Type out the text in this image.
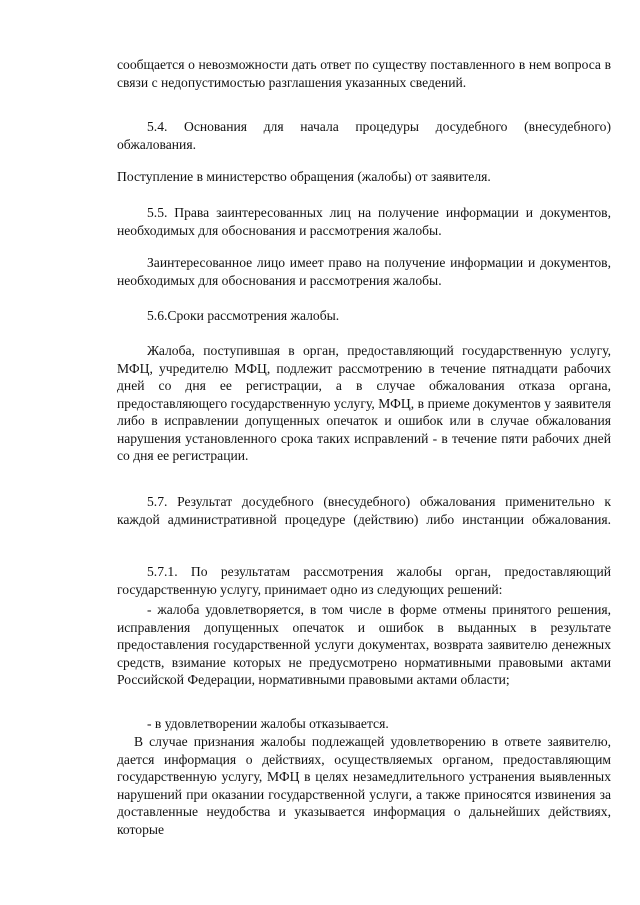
сообщается о невозможности дать ответ по существу поставленного в нем вопроса в связи с недопустимостью разглашения указанных сведений.
5.4. Основания для начала процедуры досудебного (внесудебного) обжалования.
Поступление в министерство обращения (жалобы) от заявителя.
5.5. Права заинтересованных лиц на получение информации и документов, необходимых для обоснования и рассмотрения жалобы.
Заинтересованное лицо имеет право на получение информации и документов, необходимых для обоснования и рассмотрения жалобы.
5.6.Сроки рассмотрения жалобы.
Жалоба, поступившая в орган, предоставляющий государственную услугу, МФЦ, учредителю МФЦ, подлежит рассмотрению в течение пятнадцати рабочих дней со дня ее регистрации, а в случае обжалования отказа органа, предоставляющего государственную услугу, МФЦ, в приеме документов у заявителя либо в исправлении допущенных опечаток и ошибок или в случае обжалования нарушения установленного срока таких исправлений - в течение пяти рабочих дней со дня ее регистрации.
5.7. Результат досудебного (внесудебного) обжалования применительно к каждой административной процедуре (действию) либо инстанции обжалования.
5.7.1. По результатам рассмотрения жалобы орган, предоставляющий государственную услугу, принимает одно из следующих решений:
- жалоба удовлетворяется, в том числе в форме отмены принятого решения, исправления допущенных опечаток и ошибок в выданных в результате предоставления государственной услуги документах, возврата заявителю денежных средств, взимание которых не предусмотрено нормативными правовыми актами Российской Федерации, нормативными правовыми актами области;
- в удовлетворении жалобы отказывается.
В случае признания жалобы подлежащей удовлетворению в ответе заявителю, дается информация о действиях, осуществляемых органом, предоставляющим государственную услугу, МФЦ в целях незамедлительного устранения выявленных нарушений при оказании государственной услуги, а также приносятся извинения за доставленные неудобства и указывается информация о дальнейших действиях, которые
